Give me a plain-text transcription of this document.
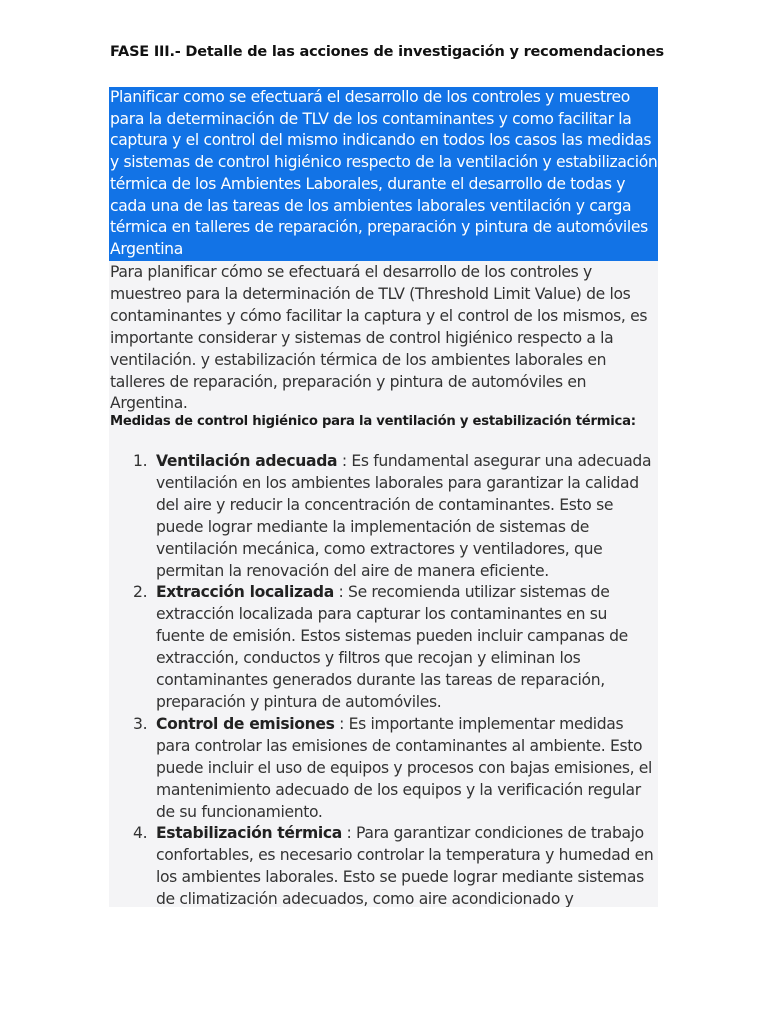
FASE III.- Detalle de las acciones de investigación y recomendaciones
Planificar como se efectuará el desarrollo de los controles y muestreo para la determinación de TLV de los contaminantes y como facilitar la captura y el control del mismo indicando en todos los casos las medidas y sistemas de control higiénico respecto de la ventilación y estabilización térmica de los Ambientes Laborales, durante el desarrollo de todas y cada una de las tareas de los ambientes laborales ventilación y carga térmica en talleres de reparación, preparación y pintura de automóviles Argentina
Para planificar cómo se efectuará el desarrollo de los controles y muestreo para la determinación de TLV (Threshold Limit Value) de los contaminantes y cómo facilitar la captura y el control de los mismos, es importante considerar y sistemas de control higiénico respecto a la ventilación. y estabilización térmica de los ambientes laborales en talleres de reparación, preparación y pintura de automóviles en Argentina.
Medidas de control higiénico para la ventilación y estabilización térmica:
1. Ventilación adecuada : Es fundamental asegurar una adecuada ventilación en los ambientes laborales para garantizar la calidad del aire y reducir la concentración de contaminantes. Esto se puede lograr mediante la implementación de sistemas de ventilación mecánica, como extractores y ventiladores, que permitan la renovación del aire de manera eficiente.
2. Extracción localizada : Se recomienda utilizar sistemas de extracción localizada para capturar los contaminantes en su fuente de emisión. Estos sistemas pueden incluir campanas de extracción, conductos y filtros que recojan y eliminan los contaminantes generados durante las tareas de reparación, preparación y pintura de automóviles.
3. Control de emisiones : Es importante implementar medidas para controlar las emisiones de contaminantes al ambiente. Esto puede incluir el uso de equipos y procesos con bajas emisiones, el mantenimiento adecuado de los equipos y la verificación regular de su funcionamiento.
4. Estabilización térmica : Para garantizar condiciones de trabajo confortables, es necesario controlar la temperatura y humedad en los ambientes laborales. Esto se puede lograr mediante sistemas de climatización adecuados, como aire acondicionado y
